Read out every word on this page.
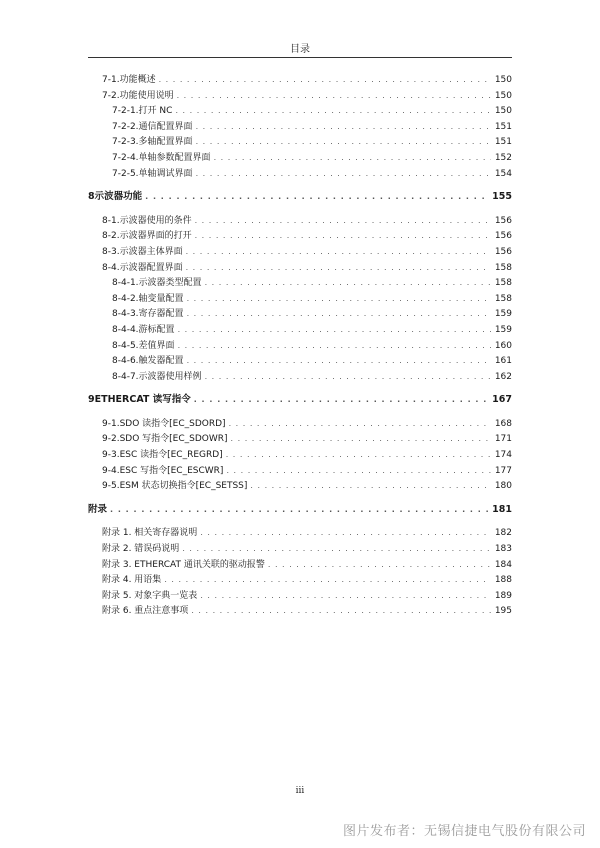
目录
7-1. 功能概述 . . .	150
7-2. 功能使用说明 . . .	150
7-2-1. 打开 NC . . .	150
7-2-2. 通信配置界面 . . .	151
7-2-3. 多轴配置界面 . . .	151
7-2-4. 单轴参数配置界面 . . .	152
7-2-5. 单轴调试界面 . . .	154
8 示波器功能 . . .	155
8-1. 示波器使用的条件 . . .	156
8-2. 示波器界面的打开 . . .	156
8-3. 示波器主体界面 . . .	156
8-4. 示波器配置界面 . . .	158
8-4-1. 示波器类型配置 . . .	158
8-4-2. 轴变量配置 . . .	158
8-4-3. 寄存器配置 . . .	159
8-4-4. 游标配置 . . .	159
8-4-5. 差值界面 . . .	160
8-4-6. 触发器配置 . . .	161
8-4-7. 示波器使用样例 . . .	162
9 ETHERCAT 读写指令 . . .	167
9-1. SDO 读指令[EC_SDORD] . . .	168
9-2. SDO 写指令[EC_SDOWR] . . .	171
9-3. ESC 读指令[EC_REGRD] . . .	174
9-4. ESC 写指令[EC_ESCWR] . . .	177
9-5. ESM 状态切换指令[EC_SETSS] . . .	180
附录 . . .	181
附录 1. 相关寄存器说明 . . .	182
附录 2. 错误码说明 . . .	183
附录 3. ETHERCAT 通讯关联的驱动报警 . . .	184
附录 4. 用语集 . . .	188
附录 5. 对象字典一览表 . . .	189
附录 6. 重点注意事项 . . .	195
iii
图片发布者：无锡信捷电气股份有限公司
